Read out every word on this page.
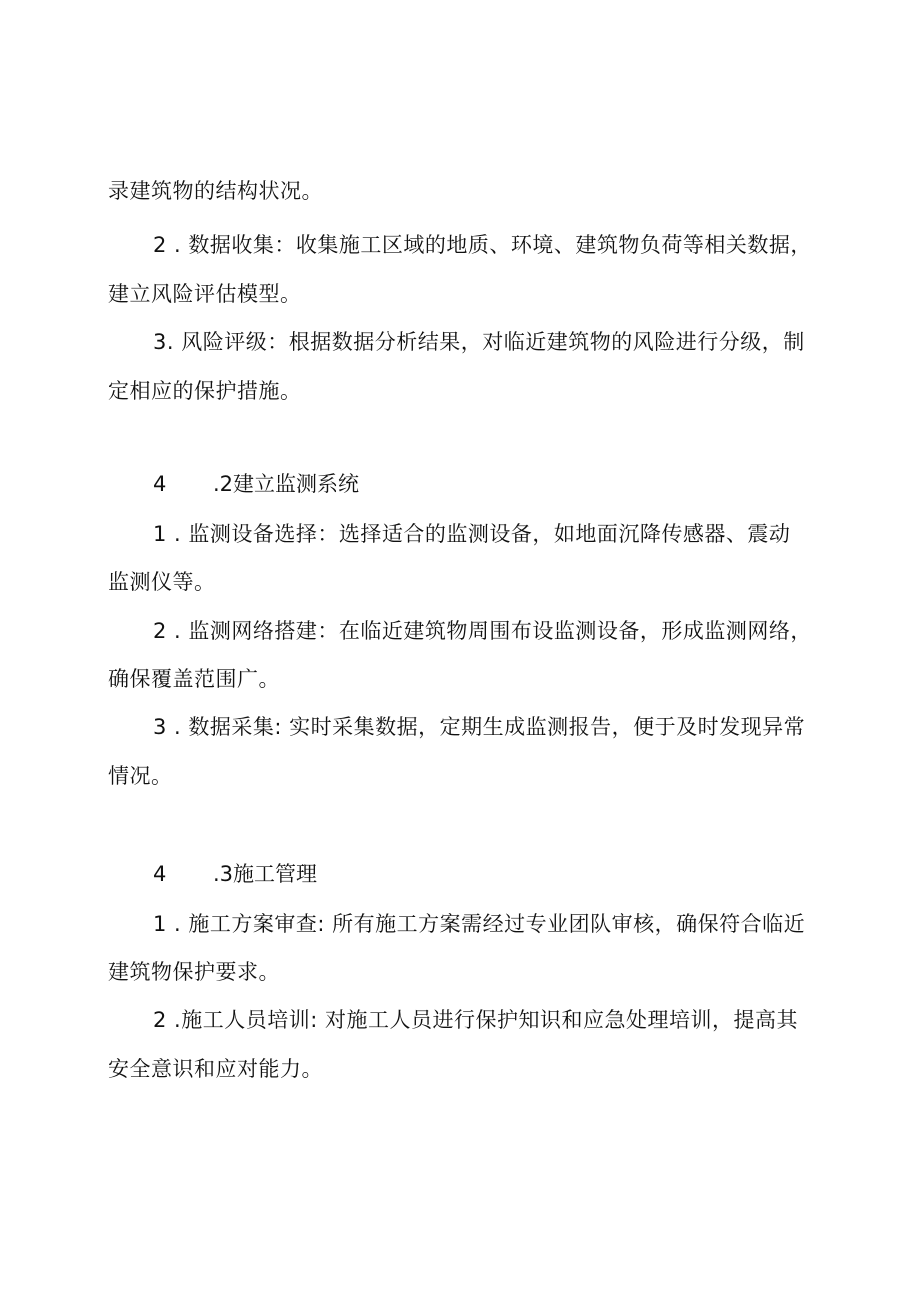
录建筑物的结构状况。
2 . 数据收集：收集施工区域的地质、环境、建筑物负荷等相关数据，
建立风险评估模型。
3. 风险评级：根据数据分析结果，对临近建筑物的风险进行分级，制
定相应的保护措施。
4 .2建立监测系统
1 . 监测设备选择：选择适合的监测设备，如地面沉降传感器、震动
监测仪等。
2 . 监测网络搭建：在临近建筑物周围布设监测设备，形成监测网络，
确保覆盖范围广。
3 . 数据采集: 实时采集数据，定期生成监测报告，便于及时发现异常
情况。
4 .3施工管理
1 . 施工方案审查: 所有施工方案需经过专业团队审核，确保符合临近
建筑物保护要求。
2 .施工人员培训: 对施工人员进行保护知识和应急处理培训，提高其
安全意识和应对能力。
